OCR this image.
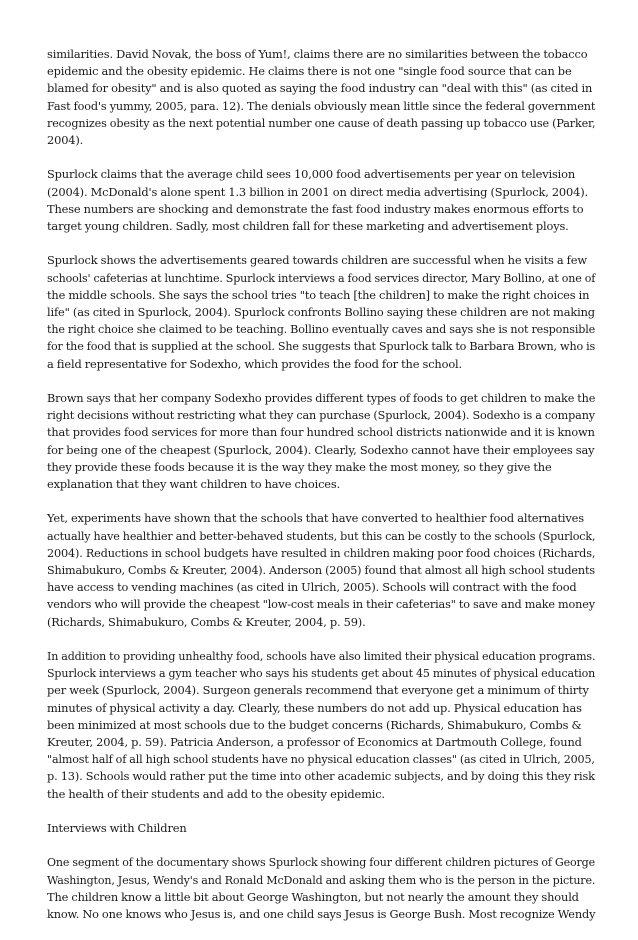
similarities. David Novak, the boss of Yum!, claims there are no similarities between the tobacco
epidemic and the obesity epidemic. He claims there is not one "single food source that can be
blamed for obesity" and is also quoted as saying the food industry can "deal with this" (as cited in
Fast food's yummy, 2005, para. 12). The denials obviously mean little since the federal government
recognizes obesity as the next potential number one cause of death passing up tobacco use (Parker,
2004).
Spurlock claims that the average child sees 10,000 food advertisements per year on television
(2004). McDonald's alone spent 1.3 billion in 2001 on direct media advertising (Spurlock, 2004).
These numbers are shocking and demonstrate the fast food industry makes enormous efforts to
target young children. Sadly, most children fall for these marketing and advertisement ploys.
Spurlock shows the advertisements geared towards children are successful when he visits a few
schools' cafeterias at lunchtime. Spurlock interviews a food services director, Mary Bollino, at one of
the middle schools. She says the school tries "to teach [the children] to make the right choices in
life" (as cited in Spurlock, 2004). Spurlock confronts Bollino saying these children are not making
the right choice she claimed to be teaching. Bollino eventually caves and says she is not responsible
for the food that is supplied at the school. She suggests that Spurlock talk to Barbara Brown, who is
a field representative for Sodexho, which provides the food for the school.
Brown says that her company Sodexho provides different types of foods to get children to make the
right decisions without restricting what they can purchase (Spurlock, 2004). Sodexho is a company
that provides food services for more than four hundred school districts nationwide and it is known
for being one of the cheapest (Spurlock, 2004). Clearly, Sodexho cannot have their employees say
they provide these foods because it is the way they make the most money, so they give the
explanation that they want children to have choices.
Yet, experiments have shown that the schools that have converted to healthier food alternatives
actually have healthier and better-behaved students, but this can be costly to the schools (Spurlock,
2004). Reductions in school budgets have resulted in children making poor food choices (Richards,
Shimabukuro, Combs & Kreuter, 2004). Anderson (2005) found that almost all high school students
have access to vending machines (as cited in Ulrich, 2005). Schools will contract with the food
vendors who will provide the cheapest "low-cost meals in their cafeterias" to save and make money
(Richards, Shimabukuro, Combs & Kreuter, 2004, p. 59).
In addition to providing unhealthy food, schools have also limited their physical education programs.
Spurlock interviews a gym teacher who says his students get about 45 minutes of physical education
per week (Spurlock, 2004). Surgeon generals recommend that everyone get a minimum of thirty
minutes of physical activity a day. Clearly, these numbers do not add up. Physical education has
been minimized at most schools due to the budget concerns (Richards, Shimabukuro, Combs &
Kreuter, 2004, p. 59). Patricia Anderson, a professor of Economics at Dartmouth College, found
"almost half of all high school students have no physical education classes" (as cited in Ulrich, 2005,
p. 13). Schools would rather put the time into other academic subjects, and by doing this they risk
the health of their students and add to the obesity epidemic.
Interviews with Children
One segment of the documentary shows Spurlock showing four different children pictures of George
Washington, Jesus, Wendy's and Ronald McDonald and asking them who is the person in the picture.
The children know a little bit about George Washington, but not nearly the amount they should
know. No one knows who Jesus is, and one child says Jesus is George Bush. Most recognize Wendy
